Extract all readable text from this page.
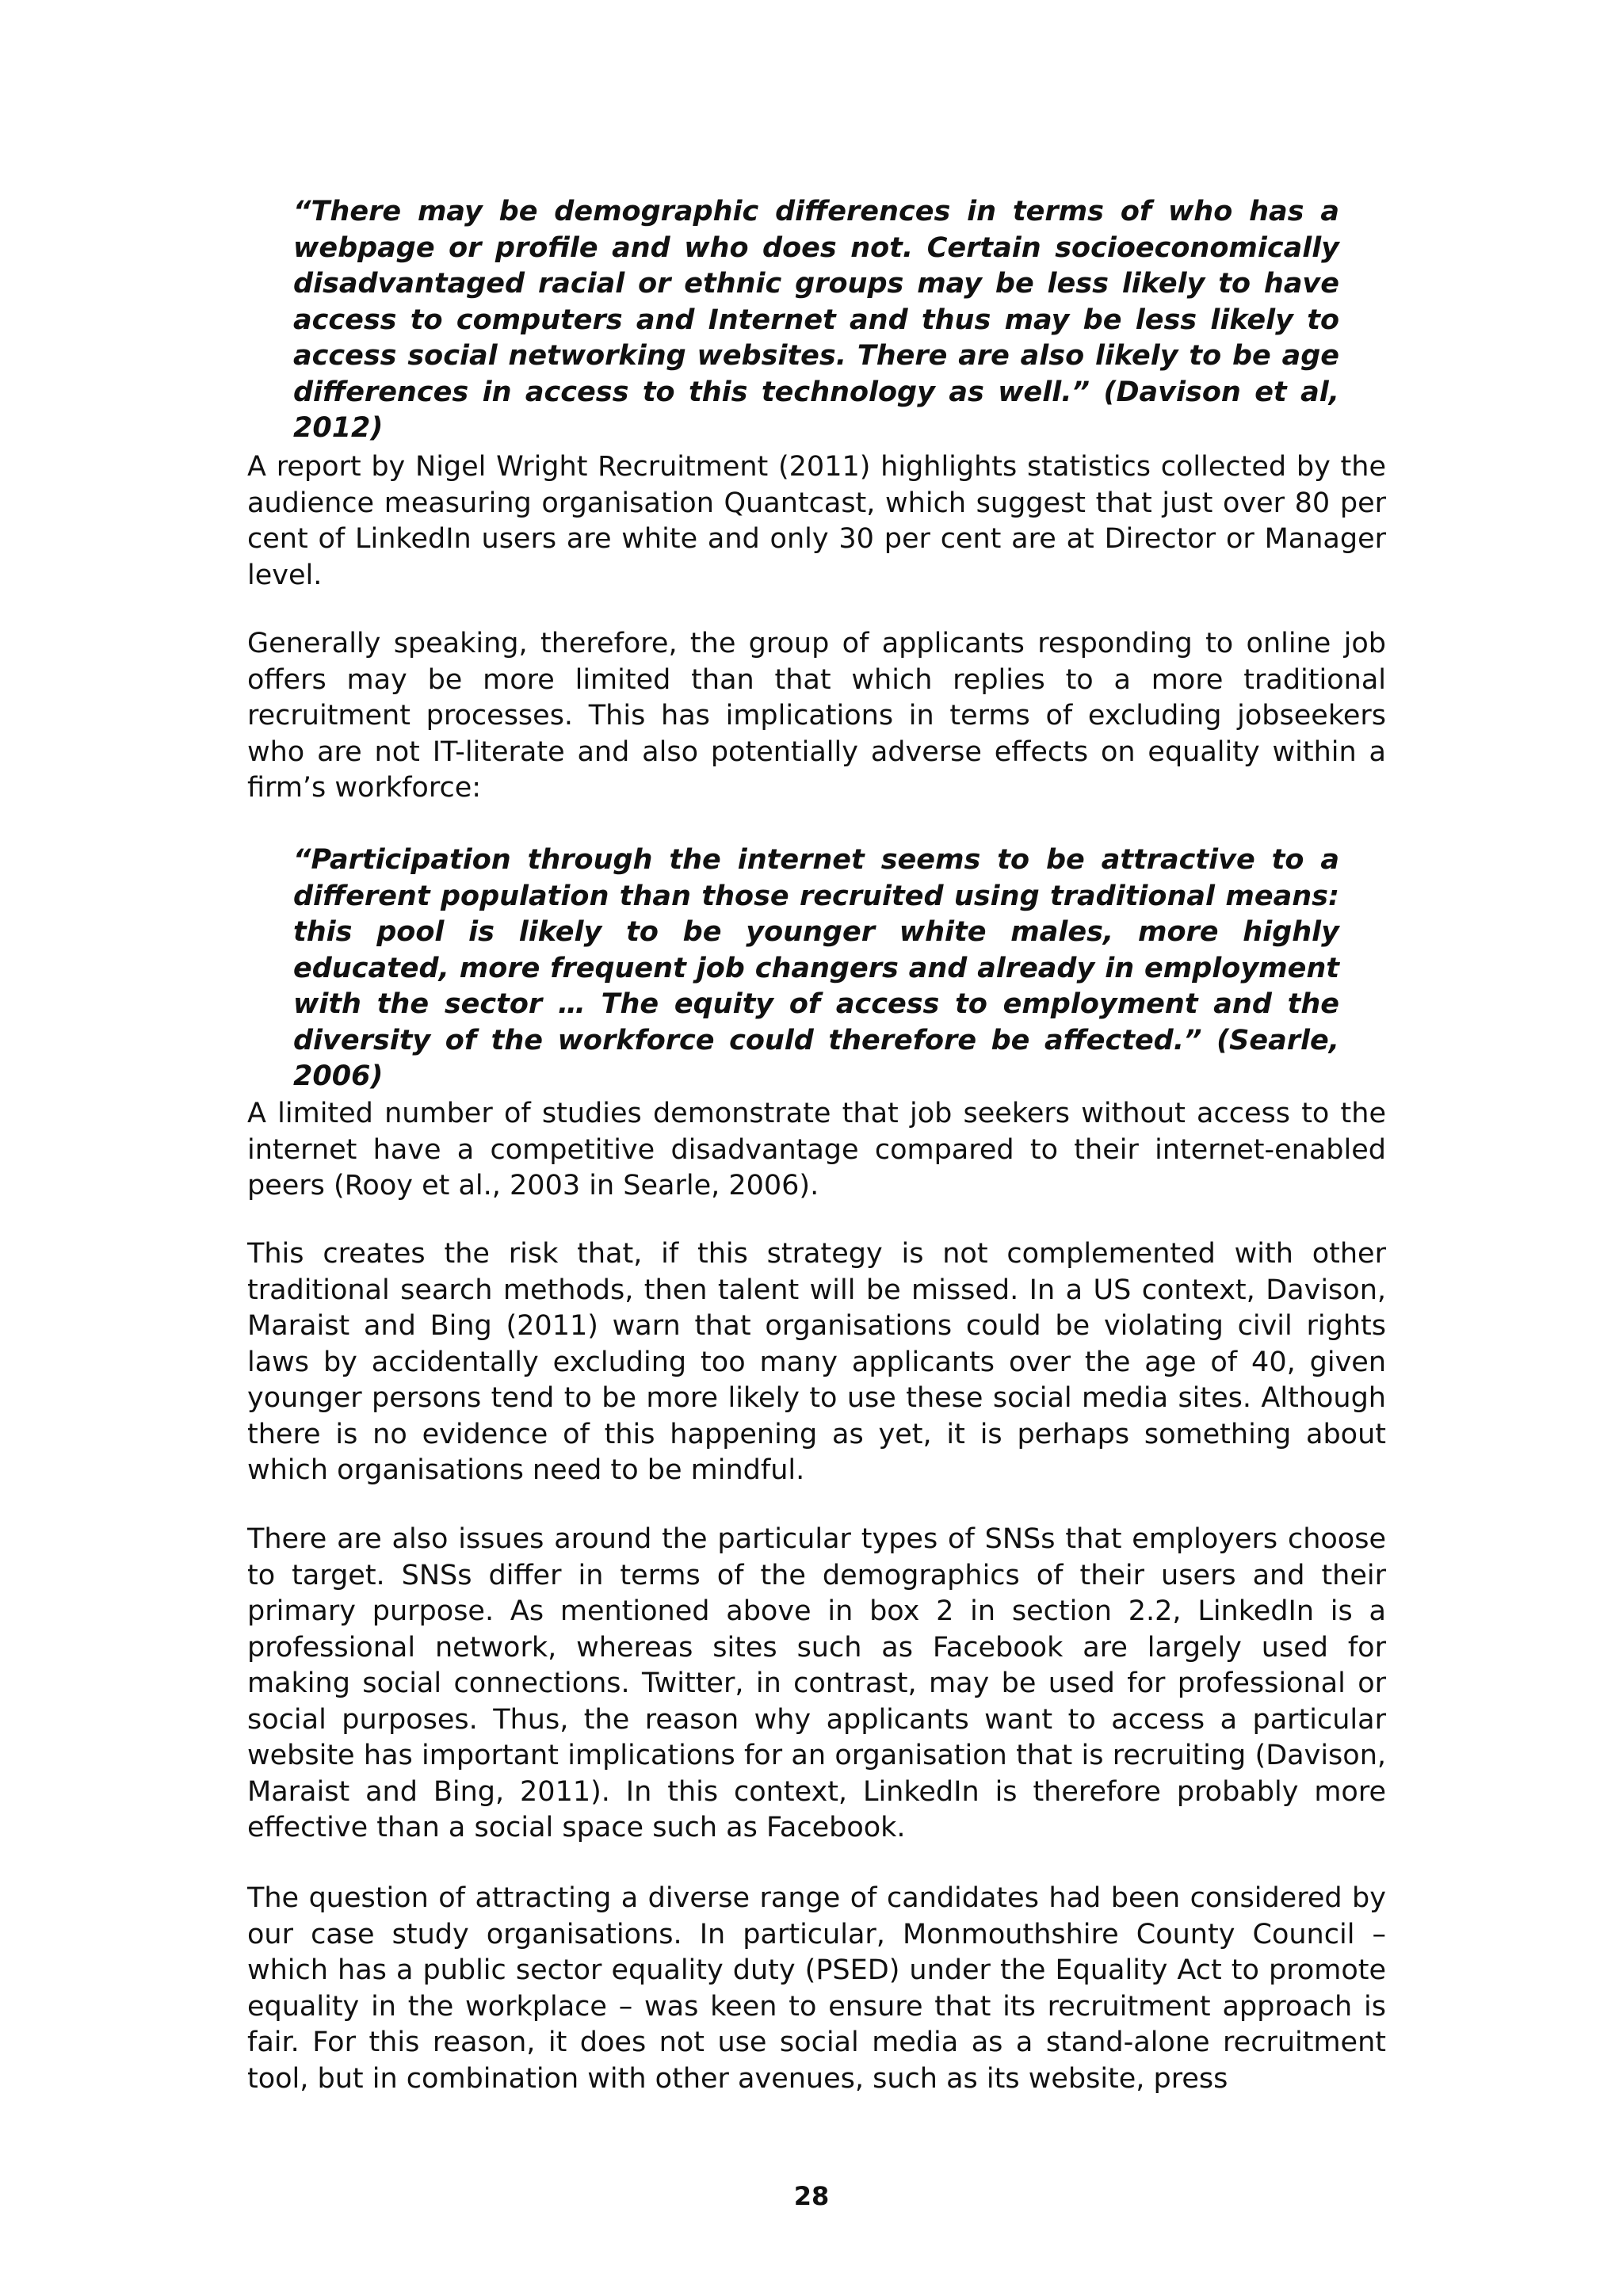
“There may be demographic differences in terms of who has a webpage or profile and who does not. Certain socioeconomically disadvantaged racial or ethnic groups may be less likely to have access to computers and Internet and thus may be less likely to access social networking websites. There are also likely to be age differences in access to this technology as well.” (Davison et al, 2012)

A report by Nigel Wright Recruitment (2011) highlights statistics collected by the audience measuring organisation Quantcast, which suggest that just over 80 per cent of LinkedIn users are white and only 30 per cent are at Director or Manager level.

Generally speaking, therefore, the group of applicants responding to online job offers may be more limited than that which replies to a more traditional recruitment processes. This has implications in terms of excluding jobseekers who are not IT-literate and also potentially adverse effects on equality within a firm’s workforce:

“Participation through the internet seems to be attractive to a different population than those recruited using traditional means: this pool is likely to be younger white males, more highly educated, more frequent job changers and already in employment with the sector … The equity of access to employment and the diversity of the workforce could therefore be affected.” (Searle, 2006)

A limited number of studies demonstrate that job seekers without access to the internet have a competitive disadvantage compared to their internet-enabled peers (Rooy et al., 2003 in Searle, 2006).

This creates the risk that, if this strategy is not complemented with other traditional search methods, then talent will be missed. In a US context, Davison, Maraist and Bing (2011) warn that organisations could be violating civil rights laws by accidentally excluding too many applicants over the age of 40, given younger persons tend to be more likely to use these social media sites. Although there is no evidence of this happening as yet, it is perhaps something about which organisations need to be mindful.

There are also issues around the particular types of SNSs that employers choose to target. SNSs differ in terms of the demographics of their users and their primary purpose. As mentioned above in box 2 in section 2.2, LinkedIn is a professional network, whereas sites such as Facebook are largely used for making social connections. Twitter, in contrast, may be used for professional or social purposes. Thus, the reason why applicants want to access a particular website has important implications for an organisation that is recruiting (Davison, Maraist and Bing, 2011). In this context, LinkedIn is therefore probably more effective than a social space such as Facebook.

The question of attracting a diverse range of candidates had been considered by our case study organisations. In particular, Monmouthshire County Council – which has a public sector equality duty (PSED) under the Equality Act to promote equality in the workplace – was keen to ensure that its recruitment approach is fair. For this reason, it does not use social media as a stand-alone recruitment tool, but in combination with other avenues, such as its website, press

28
